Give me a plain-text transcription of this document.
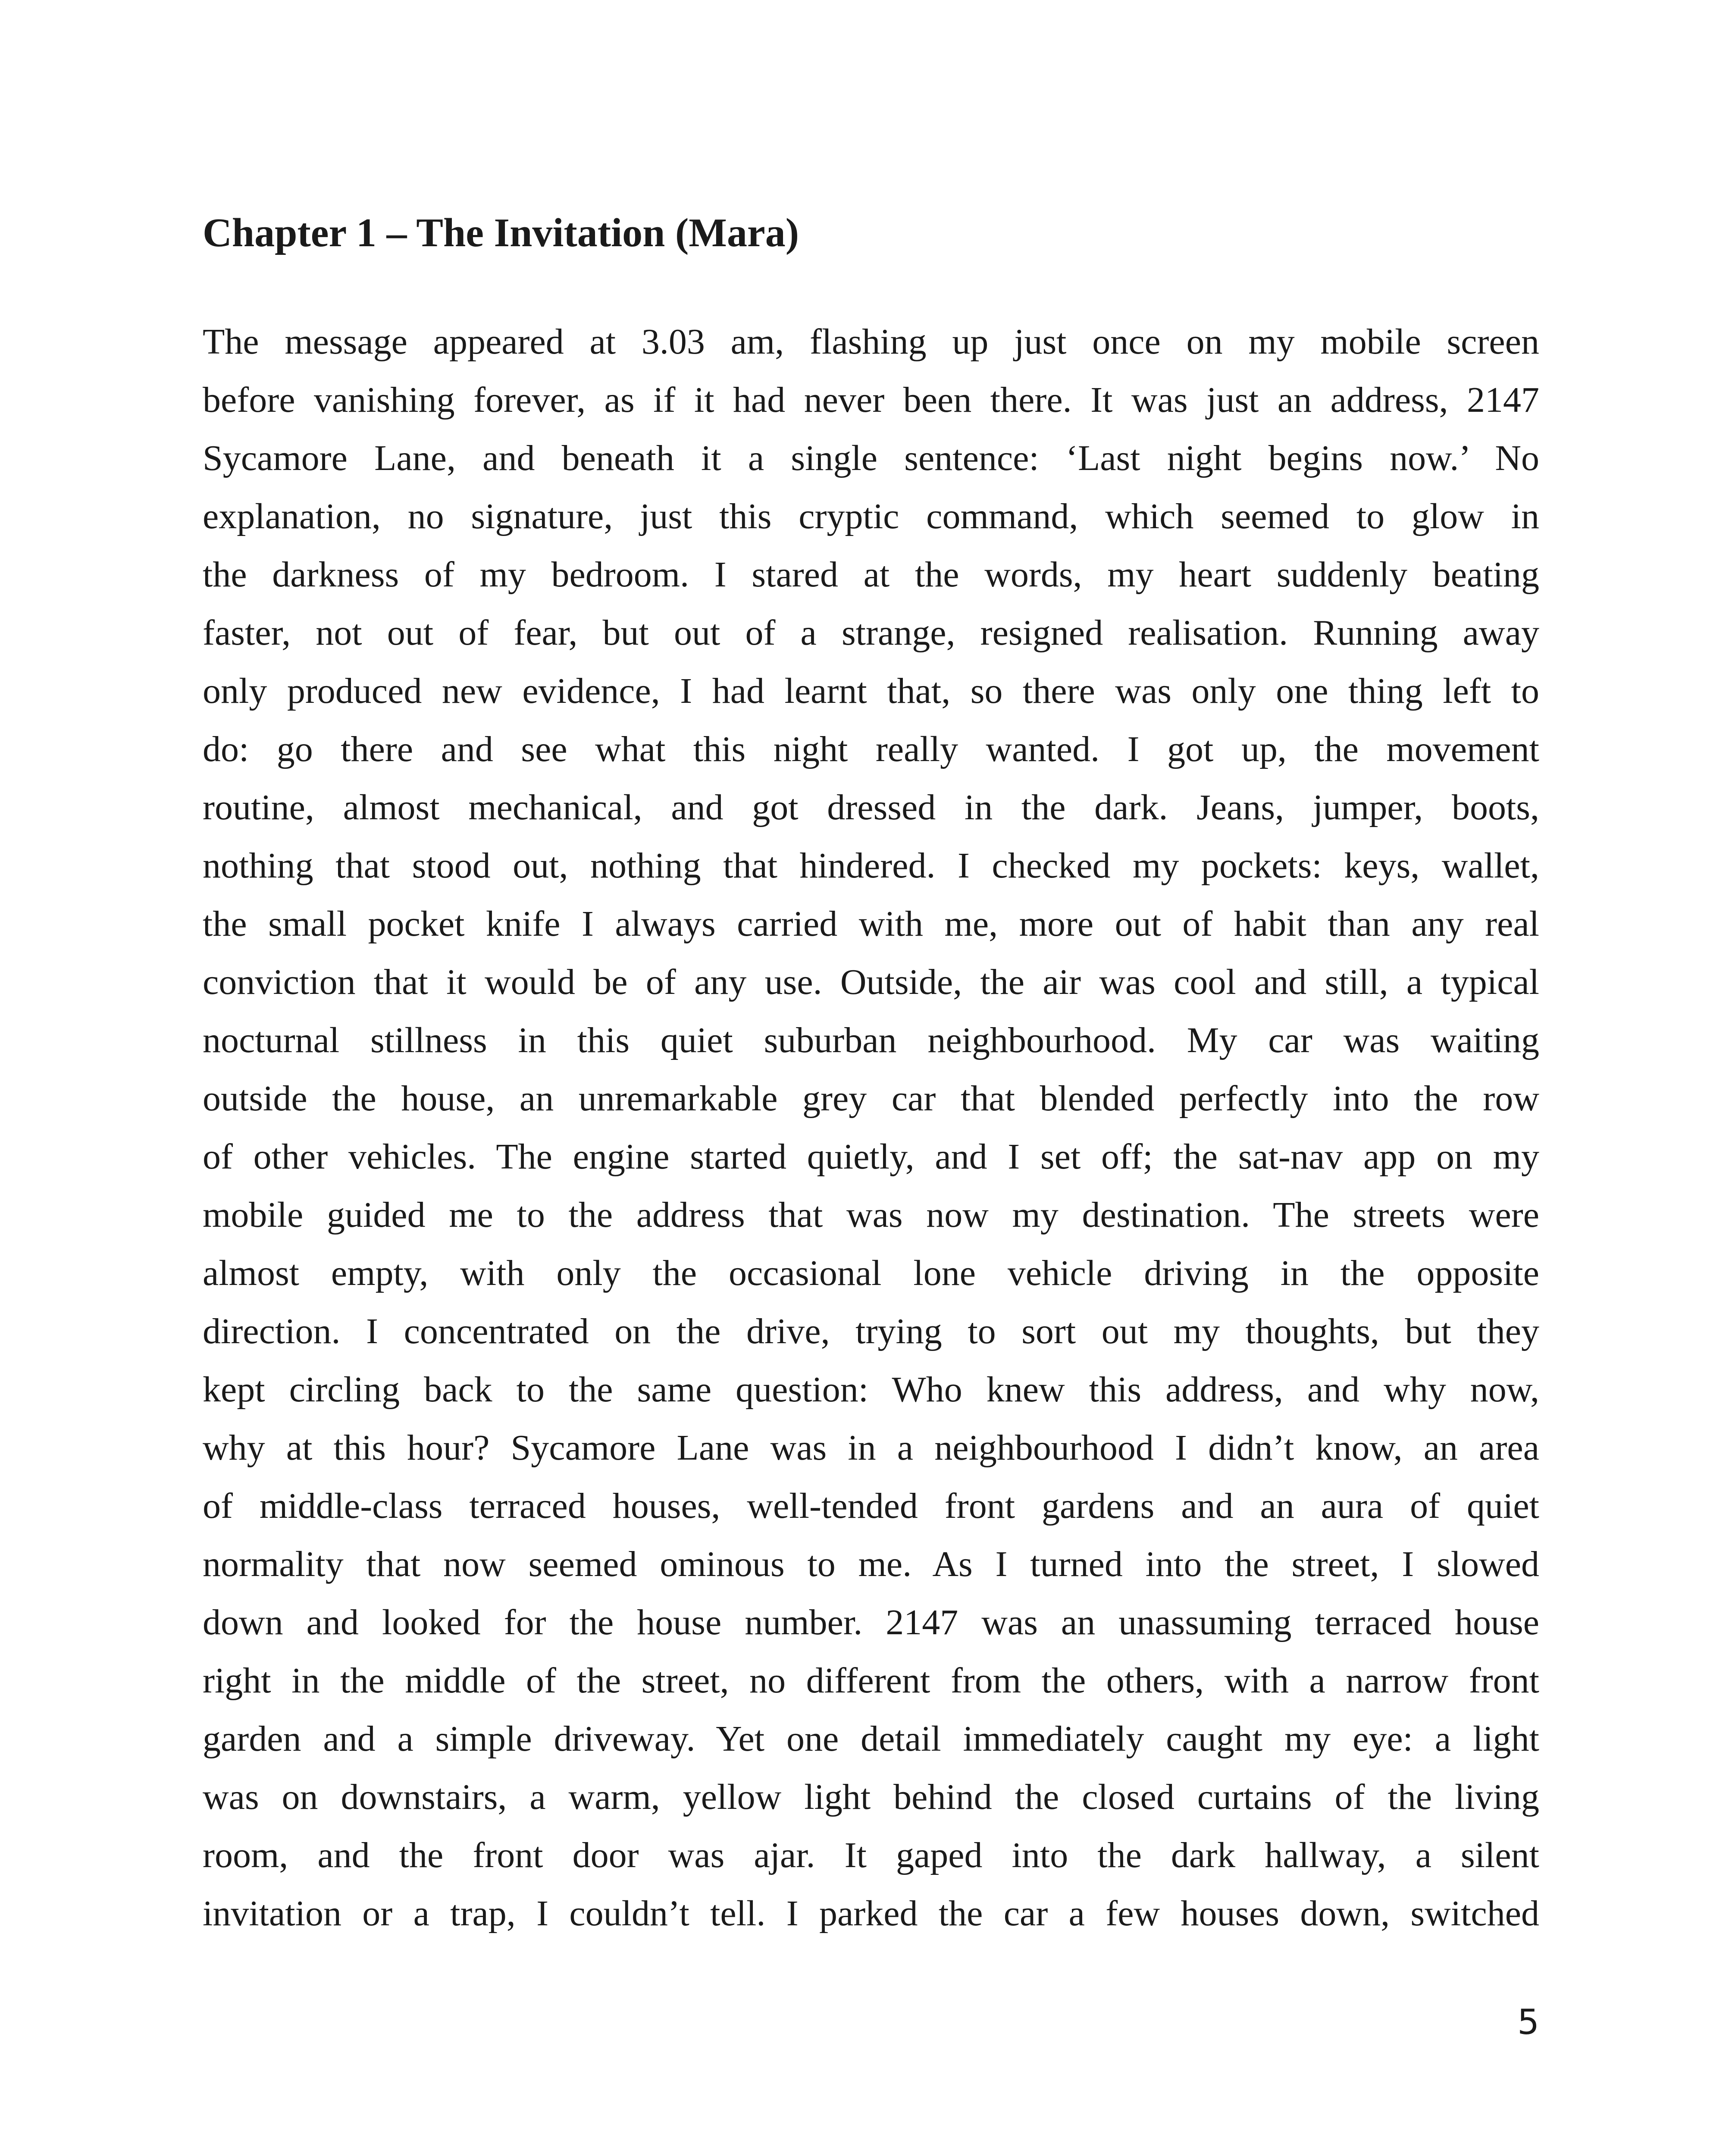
Chapter 1 – The Invitation (Mara)
The message appeared at 3.03 am, flashing up just once on my mobile screen
before vanishing forever, as if it had never been there. It was just an address, 2147
Sycamore Lane, and beneath it a single sentence: ‘Last night begins now.’ No
explanation, no signature, just this cryptic command, which seemed to glow in
the darkness of my bedroom. I stared at the words, my heart suddenly beating
faster, not out of fear, but out of a strange, resigned realisation. Running away
only produced new evidence, I had learnt that, so there was only one thing left to
do: go there and see what this night really wanted. I got up, the movement
routine, almost mechanical, and got dressed in the dark. Jeans, jumper, boots,
nothing that stood out, nothing that hindered. I checked my pockets: keys, wallet,
the small pocket knife I always carried with me, more out of habit than any real
conviction that it would be of any use. Outside, the air was cool and still, a typical
nocturnal stillness in this quiet suburban neighbourhood. My car was waiting
outside the house, an unremarkable grey car that blended perfectly into the row
of other vehicles. The engine started quietly, and I set off; the sat-nav app on my
mobile guided me to the address that was now my destination. The streets were
almost empty, with only the occasional lone vehicle driving in the opposite
direction. I concentrated on the drive, trying to sort out my thoughts, but they
kept circling back to the same question: Who knew this address, and why now,
why at this hour? Sycamore Lane was in a neighbourhood I didn’t know, an area
of middle-class terraced houses, well-tended front gardens and an aura of quiet
normality that now seemed ominous to me. As I turned into the street, I slowed
down and looked for the house number. 2147 was an unassuming terraced house
right in the middle of the street, no different from the others, with a narrow front
garden and a simple driveway. Yet one detail immediately caught my eye: a light
was on downstairs, a warm, yellow light behind the closed curtains of the living
room, and the front door was ajar. It gaped into the dark hallway, a silent
invitation or a trap, I couldn’t tell. I parked the car a few houses down, switched
5
